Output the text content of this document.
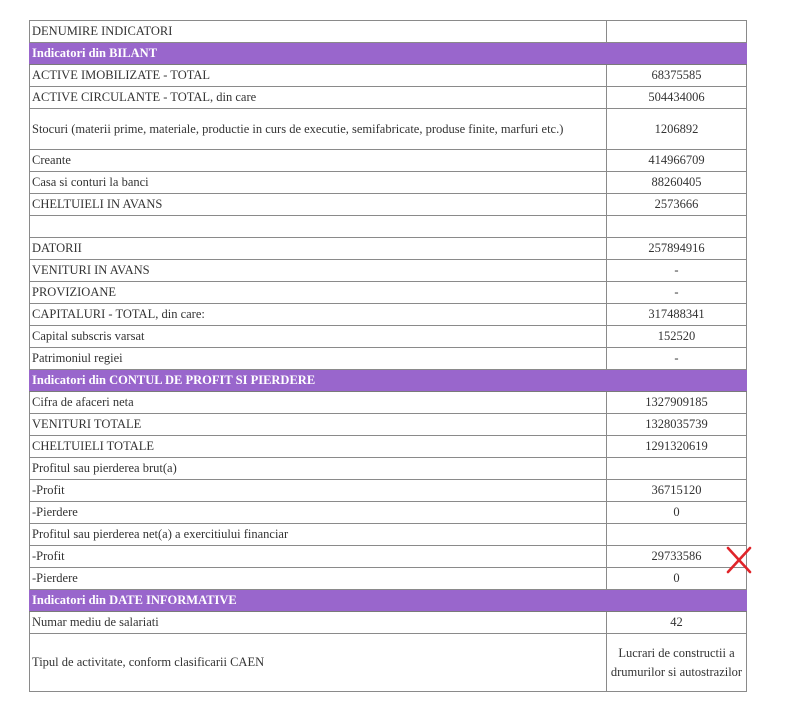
DENUMIRE INDICATORI	
Indicatori din BILANT	
ACTIVE IMOBILIZATE - TOTAL	68375585
ACTIVE CIRCULANTE - TOTAL, din care	504434006
Stocuri (materii prime, materiale, productie in curs de executie, semifabricate, produse finite, marfuri etc.)	1206892
Creante	414966709
Casa si conturi la banci	88260405
CHELTUIELI IN AVANS	2573666

DATORII	257894916
VENITURI IN AVANS	-
PROVIZIOANE	-
CAPITALURI - TOTAL, din care:	317488341
Capital subscris varsat	152520
Patrimoniul regiei	-
Indicatori din CONTUL DE PROFIT SI PIERDERE	
Cifra de afaceri neta	1327909185
VENITURI TOTALE	1328035739
CHELTUIELI TOTALE	1291320619
Profitul sau pierderea brut(a)	
-Profit	36715120
-Pierdere	0
Profitul sau pierderea net(a) a exercitiului financiar	
-Profit	29733586
-Pierdere	0
Indicatori din DATE INFORMATIVE	
Numar mediu de salariati	42
Tipul de activitate, conform clasificarii CAEN	Lucrari de constructii a drumurilor si autostrazilor
